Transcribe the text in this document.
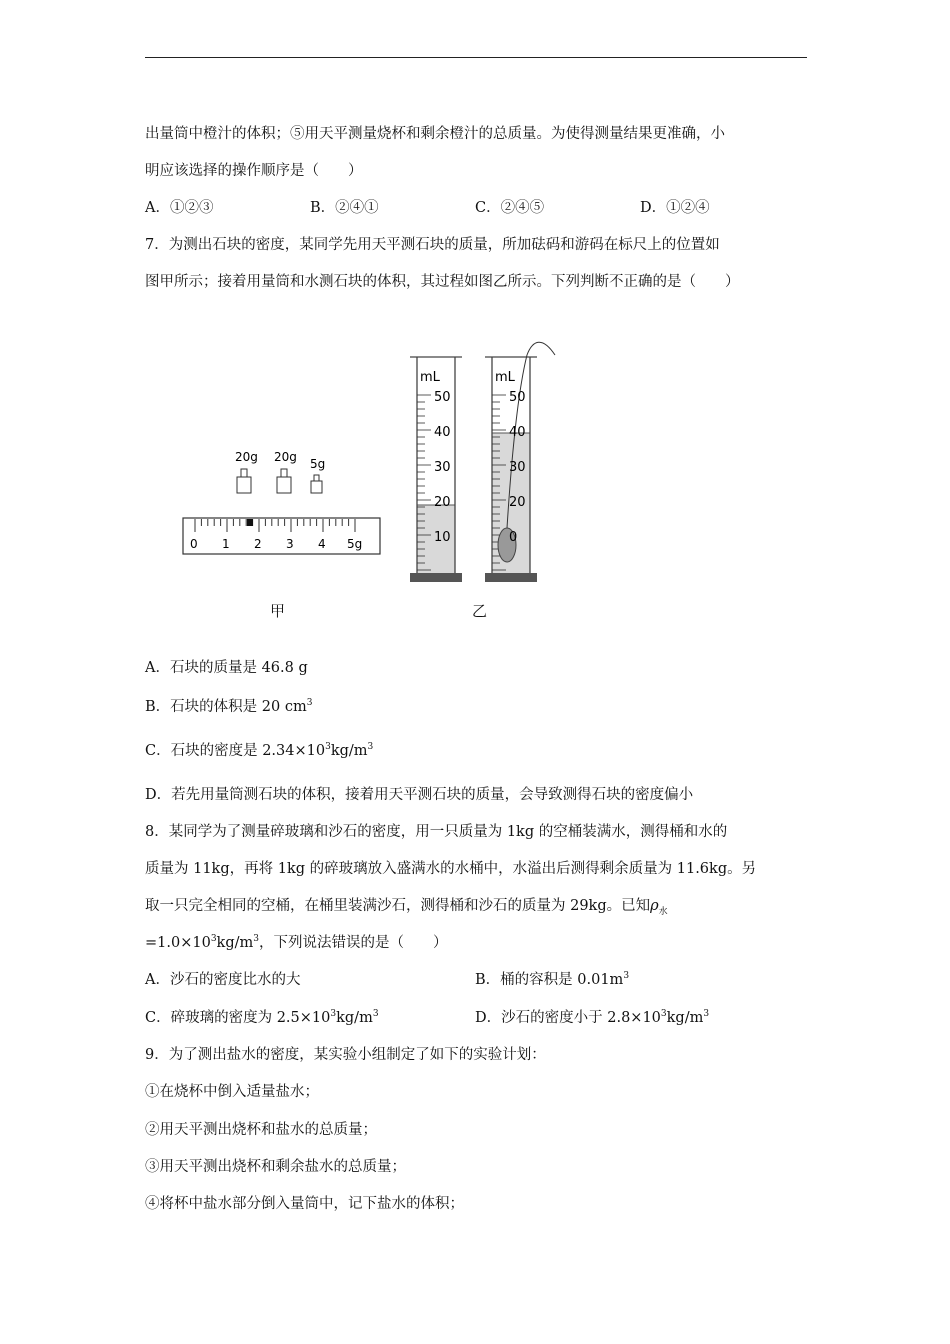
出量筒中橙汁的体积；⑤用天平测量烧杯和剩余橙汁的总质量。为使得测量结果更准确，小
明应该选择的操作顺序是（　　）
A．①②③	B．②④①	C．②④⑤	D．①②④
7．为测出石块的密度，某同学先用天平测石块的质量，所加砝码和游码在标尺上的位置如
图甲所示；接着用量筒和水测石块的体积，其过程如图乙所示。下列判断不正确的是（　　）
20g 20g 5g
0 1 2 3 4 5g
mL
50
40
30
20
10
mL
50
40
30
20
0
甲	乙
A．石块的质量是 46.8 g
B．石块的体积是 20 $cm^3$
C．石块的密度是 $2.34\times 10^3kg/m^3$
D．若先用量筒测石块的体积，接着用天平测石块的质量，会导致测得石块的密度偏小
8．某同学为了测量碎玻璃和沙石的密度，用一只质量为 1kg 的空桶装满水，测得桶和水的
质量为 11kg，再将 1kg 的碎玻璃放入盛满水的水桶中，水溢出后测得剩余质量为 11.6kg。另
取一只完全相同的空桶，在桶里装满沙石，测得桶和沙石的质量为 29kg。已知$\rho_水$
$=1.0\times 10^3kg/m^3$，下列说法错误的是（　　）
A．沙石的密度比水的大	B．桶的容积是 $0.01m^3$
C．碎玻璃的密度为 $2.5\times 10^3kg/m^3$	D．沙石的密度小于 $2.8\times 10^3kg/m^3$
9．为了测出盐水的密度，某实验小组制定了如下的实验计划：
①在烧杯中倒入适量盐水；
②用天平测出烧杯和盐水的总质量；
③用天平测出烧杯和剩余盐水的总质量；
④将杯中盐水部分倒入量筒中，记下盐水的体积；
